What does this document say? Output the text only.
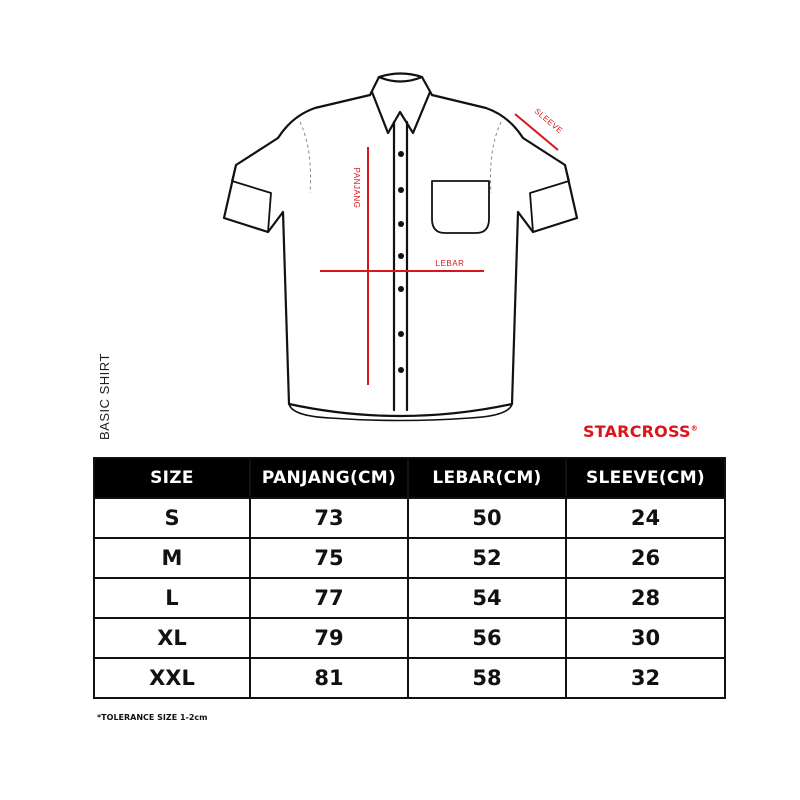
PANJANG
LEBAR
SLEEVE
BASIC SHIRT	STARCROSS®
SIZE	PANJANG(CM)	LEBAR(CM)	SLEEVE(CM)
S	73	50	24
M	75	52	26
L	77	54	28
XL	79	56	30
XXL	81	58	32
*TOLERANCE SIZE 1-2cm
